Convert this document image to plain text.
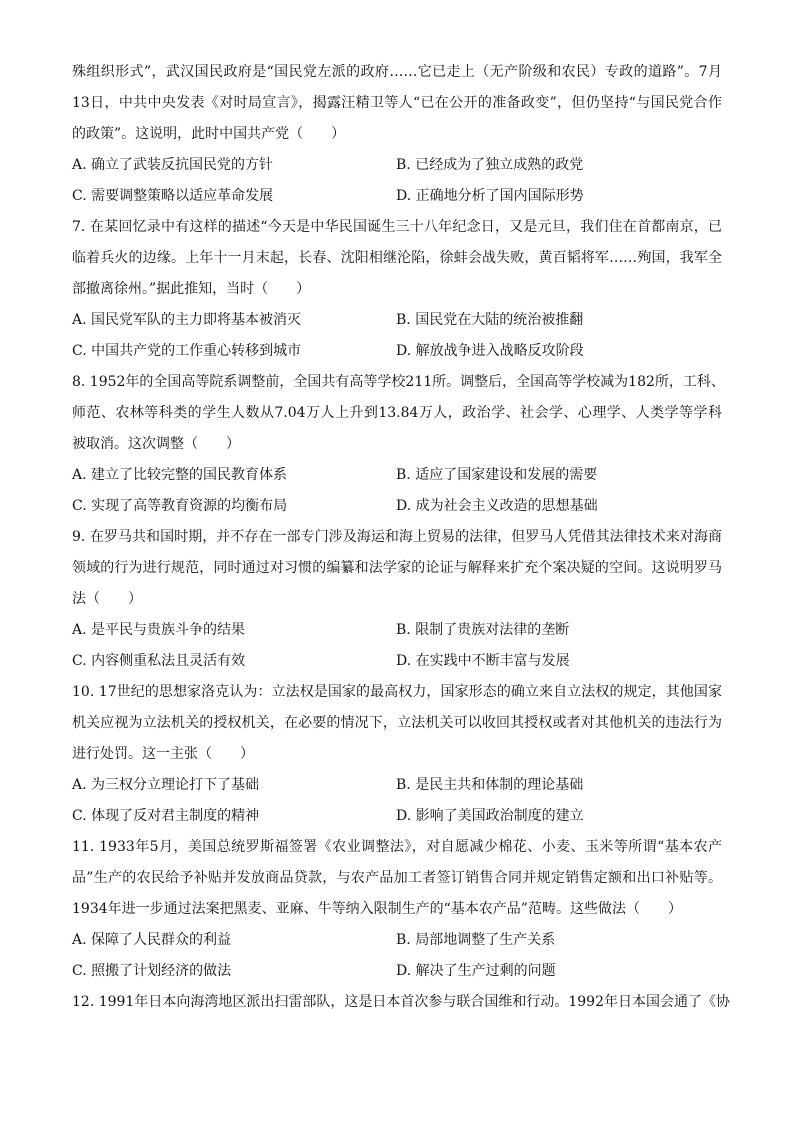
殊组织形式”，武汉国民政府是“国民党左派的政府……它已走上（无产阶级和农民）专政的道路”。7月
13日，中共中央发表《对时局宣言》，揭露汪精卫等人“已在公开的准备政变”，但仍坚持“与国民党合作
的政策”。这说明，此时中国共产党（　　）
A. 确立了武装反抗国民党的方针	B. 已经成为了独立成熟的政党
C. 需要调整策略以适应革命发展	D. 正确地分析了国内国际形势
7. 在某回忆录中有这样的描述“今天是中华民国诞生三十八年纪念日，又是元旦，我们住在首都南京，已
临着兵火的边缘。上年十一月末起，长春、沈阳相继沦陷，徐蚌会战失败，黄百韬将军……殉国，我军全
部撤离徐州。”据此推知，当时（　　）
A. 国民党军队的主力即将基本被消灭	B. 国民党在大陆的统治被推翻
C. 中国共产党的工作重心转移到城市	D. 解放战争进入战略反攻阶段
8. 1952年的全国高等院系调整前，全国共有高等学校211所。调整后，全国高等学校减为182所，工科、
师范、农林等科类的学生人数从7.04万人上升到13.84万人，政治学、社会学、心理学、人类学等学科
被取消。这次调整（　　）
A. 建立了比较完整的国民教育体系	B. 适应了国家建设和发展的需要
C. 实现了高等教育资源的均衡布局	D. 成为社会主义改造的思想基础
9. 在罗马共和国时期，并不存在一部专门涉及海运和海上贸易的法律，但罗马人凭借其法律技术来对海商
领域的行为进行规范，同时通过对习惯的编纂和法学家的论证与解释来扩充个案决疑的空间。这说明罗马
法（　　）
A. 是平民与贵族斗争的结果	B. 限制了贵族对法律的垄断
C. 内容侧重私法且灵活有效	D. 在实践中不断丰富与发展
10. 17世纪的思想家洛克认为：立法权是国家的最高权力，国家形态的确立来自立法权的规定，其他国家
机关应视为立法机关的授权机关，在必要的情况下，立法机关可以收回其授权或者对其他机关的违法行为
进行处罚。这一主张（　　）
A. 为三权分立理论打下了基础	B. 是民主共和体制的理论基础
C. 体现了反对君主制度的精神	D. 影响了美国政治制度的建立
11. 1933年5月，美国总统罗斯福签署《农业调整法》，对自愿减少棉花、小麦、玉米等所谓“基本农产
品”生产的农民给予补贴并发放商品贷款，与农产品加工者签订销售合同并规定销售定额和出口补贴等。
1934年进一步通过法案把黑麦、亚麻、牛等纳入限制生产的“基本农产品”范畴。这些做法（　　）
A. 保障了人民群众的利益	B. 局部地调整了生产关系
C. 照搬了计划经济的做法	D. 解决了生产过剩的问题
12. 1991年日本向海湾地区派出扫雷部队，这是日本首次参与联合国维和行动。1992年日本国会通了《协
